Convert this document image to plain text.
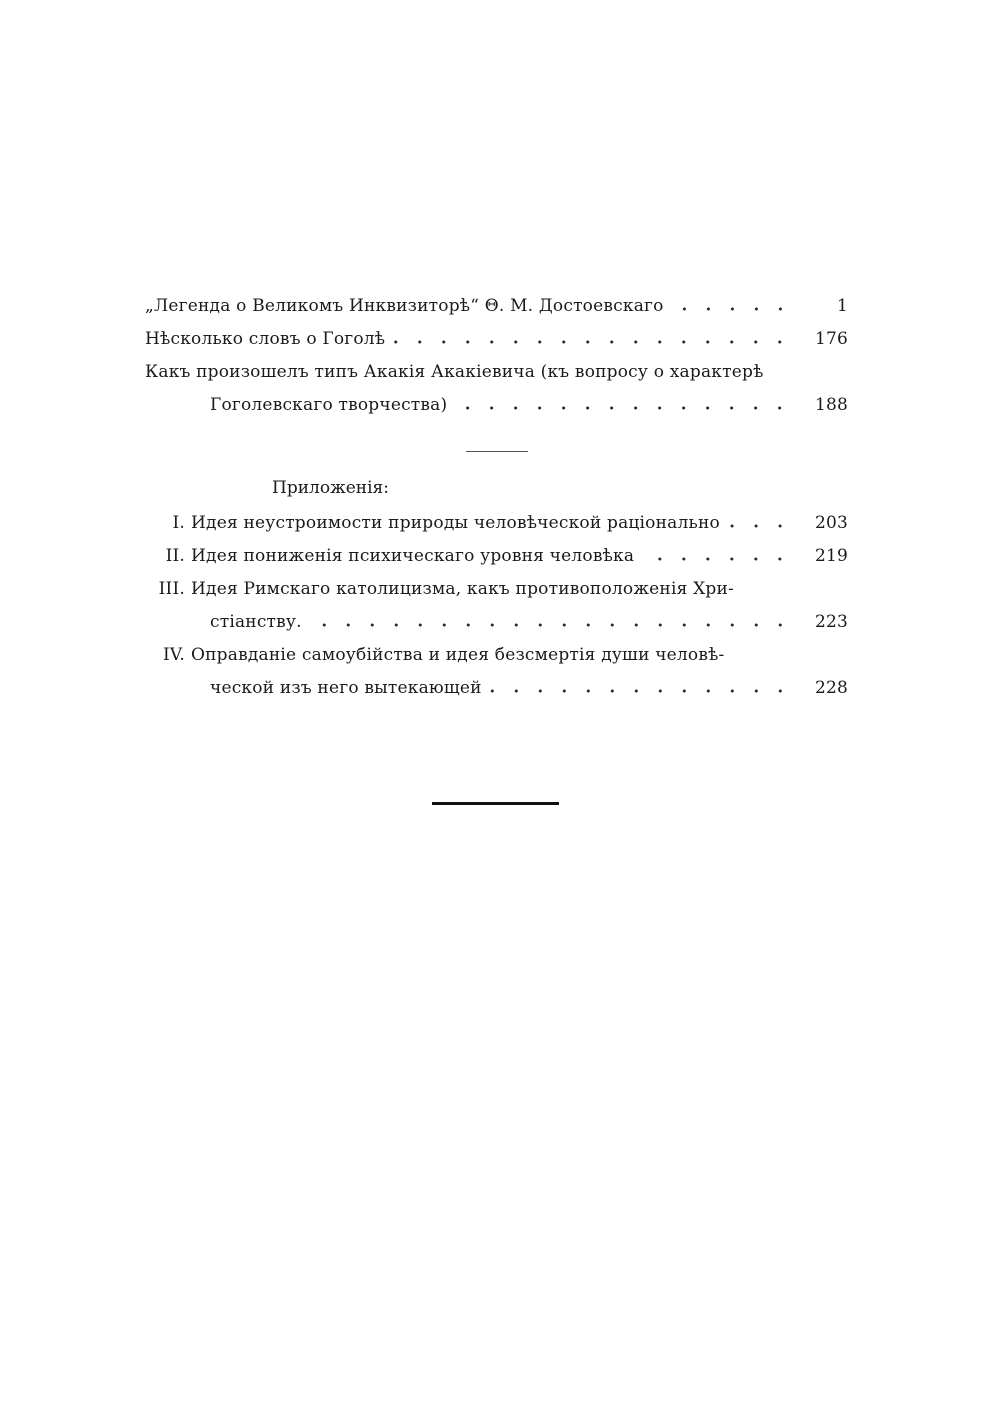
„Легенда о Великомъ Инквизиторѣ“ Θ. М. Достоевскаго	1
Нѣсколько словъ о Гоголѣ	176
Какъ произошелъ типъ Акакія Акакіевича (къ вопросу о характерѣ
Гоголевскаго творчества)	188
Приложенія:
I. Идея неустроимости природы человѣческой раціонально	203
II. Идея пониженія психическаго уровня человѣка	219
III. Идея Римскаго католицизма, какъ противоположенія Хри-
стіанству.	223
IV. Оправданіе самоубійства и идея безсмертія души человѣ-
ческой изъ него вытекающей	228
